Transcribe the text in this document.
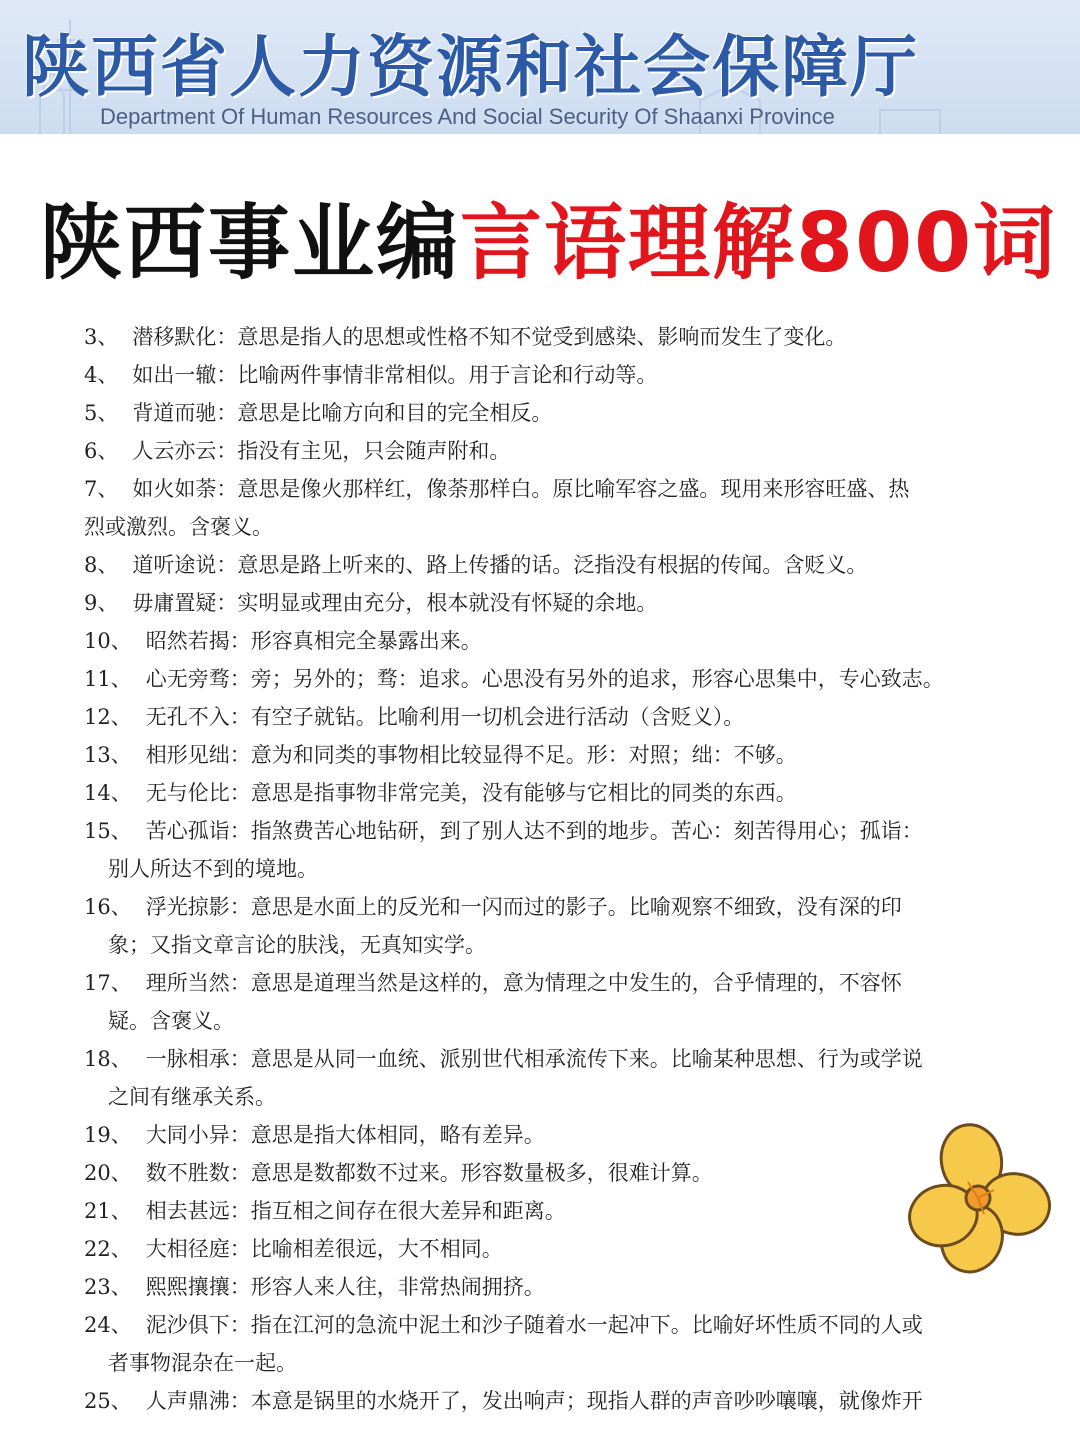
陕西省人力资源和社会保障厅
Department Of Human Resources And Social Security Of Shaanxi Province
陕西事业编言语理解800词

3、 潜移默化：意思是指人的思想或性格不知不觉受到感染、影响而发生了变化。

4、 如出一辙：比喻两件事情非常相似。用于言论和行动等。

5、 背道而驰：意思是比喻方向和目的完全相反。

6、 人云亦云：指没有主见，只会随声附和。

7、 如火如荼：意思是像火那样红，像荼那样白。原比喻军容之盛。现用来形容旺盛、热

烈或激烈。含褒义。

8、 道听途说：意思是路上听来的、路上传播的话。泛指没有根据的传闻。含贬义。

9、 毋庸置疑：实明显或理由充分，根本就没有怀疑的余地。

10、 昭然若揭：形容真相完全暴露出来。

11、 心无旁骛：旁；另外的；骛：追求。心思没有另外的追求，形容心思集中，专心致志。

12、 无孔不入：有空子就钻。比喻利用一切机会进行活动（含贬义）。

13、 相形见绌：意为和同类的事物相比较显得不足。形：对照；绌：不够。

14、 无与伦比：意思是指事物非常完美，没有能够与它相比的同类的东西。

15、 苦心孤诣：指煞费苦心地钻研，到了别人达不到的地步。苦心：刻苦得用心；孤诣：

别人所达不到的境地。

16、 浮光掠影：意思是水面上的反光和一闪而过的影子。比喻观察不细致，没有深的印

象；又指文章言论的肤浅，无真知实学。

17、 理所当然：意思是道理当然是这样的，意为情理之中发生的，合乎情理的，不容怀

疑。含褒义。

18、 一脉相承：意思是从同一血统、派别世代相承流传下来。比喻某种思想、行为或学说

之间有继承关系。

19、 大同小异：意思是指大体相同，略有差异。

20、 数不胜数：意思是数都数不过来。形容数量极多，很难计算。

21、 相去甚远：指互相之间存在很大差异和距离。

22、 大相径庭：比喻相差很远，大不相同。

23、 熙熙攘攘：形容人来人往，非常热闹拥挤。

24、 泥沙俱下：指在江河的急流中泥土和沙子随着水一起冲下。比喻好坏性质不同的人或

者事物混杂在一起。

25、 人声鼎沸：本意是锅里的水烧开了，发出响声；现指人群的声音吵吵嚷嚷，就像炸开
